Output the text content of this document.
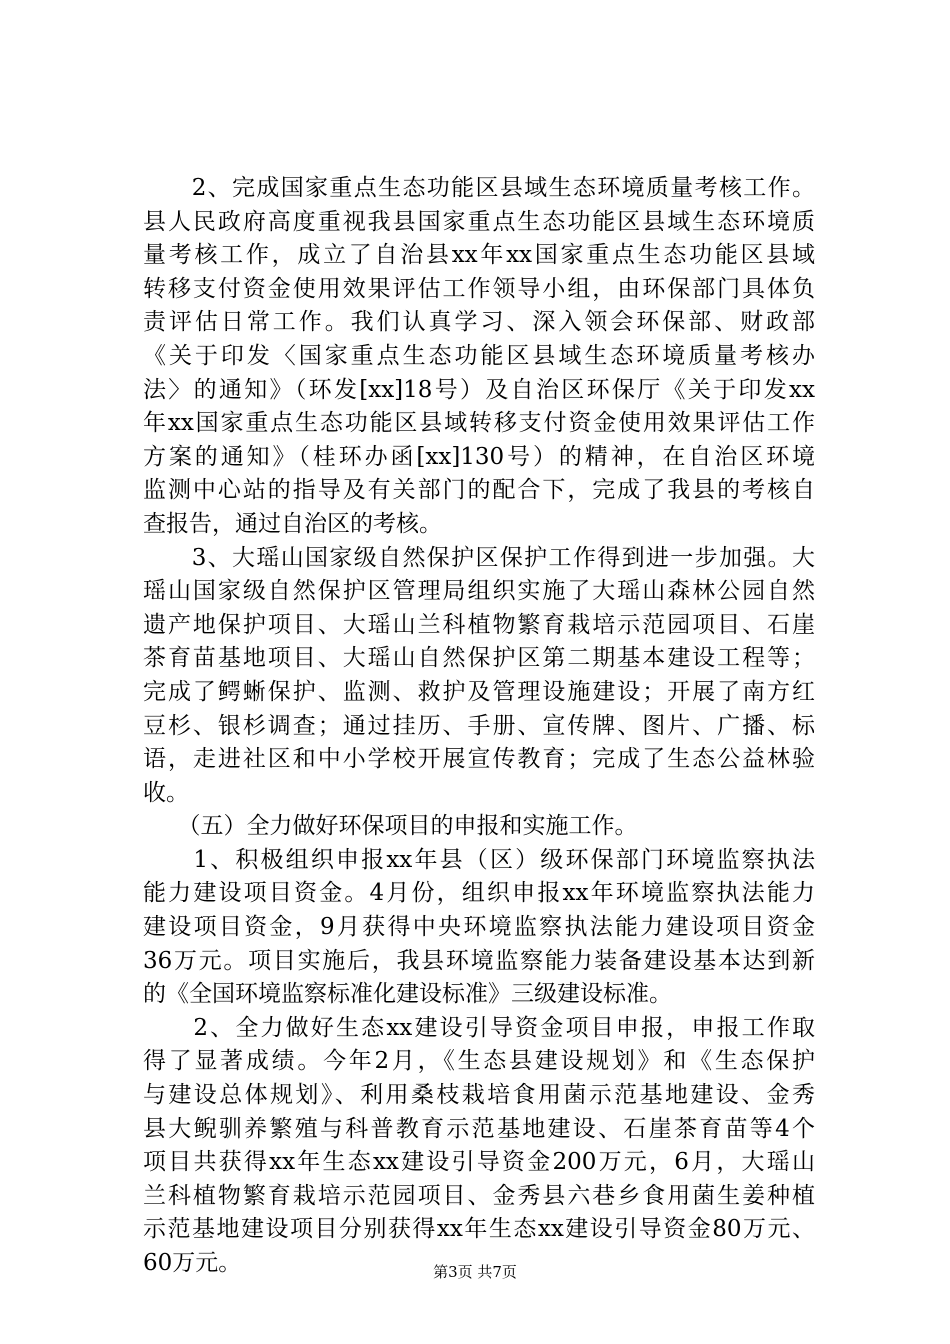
　　2、完成国家重点生态功能区县域生态环境质量考核工作。
县人民政府高度重视我县国家重点生态功能区县域生态环境质
量考核工作，成立了自治县xx年xx国家重点生态功能区县域
转移支付资金使用效果评估工作领导小组，由环保部门具体负
责评估日常工作。我们认真学习、深入领会环保部、财政部
《关于印发〈国家重点生态功能区县域生态环境质量考核办
法〉的通知》（环发[xx]18号）及自治区环保厅《关于印发xx
年xx国家重点生态功能区县域转移支付资金使用效果评估工作
方案的通知》（桂环办函[xx]130号）的精神，在自治区环境
监测中心站的指导及有关部门的配合下，完成了我县的考核自
查报告，通过自治区的考核。
　　3、大瑶山国家级自然保护区保护工作得到进一步加强。大
瑶山国家级自然保护区管理局组织实施了大瑶山森林公园自然
遗产地保护项目、大瑶山兰科植物繁育栽培示范园项目、石崖
茶育苗基地项目、大瑶山自然保护区第二期基本建设工程等；
完成了鳄蜥保护、监测、救护及管理设施建设；开展了南方红
豆杉、银杉调查；通过挂历、手册、宣传牌、图片、广播、标
语，走进社区和中小学校开展宣传教育；完成了生态公益林验
收。
　　（五）全力做好环保项目的申报和实施工作。
　　1、积极组织申报xx年县（区）级环保部门环境监察执法
能力建设项目资金。4月份，组织申报xx年环境监察执法能力
建设项目资金，9月获得中央环境监察执法能力建设项目资金
36万元。项目实施后，我县环境监察能力装备建设基本达到新
的《全国环境监察标准化建设标准》三级建设标准。
　　2、全力做好生态xx建设引导资金项目申报，申报工作取
得了显著成绩。今年2月，《生态县建设规划》和《生态保护
与建设总体规划》、利用桑枝栽培食用菌示范基地建设、金秀
县大鲵驯养繁殖与科普教育示范基地建设、石崖茶育苗等4个
项目共获得xx年生态xx建设引导资金200万元，6月，大瑶山
兰科植物繁育栽培示范园项目、金秀县六巷乡食用菌生姜种植
示范基地建设项目分别获得xx年生态xx建设引导资金80万元、
60万元。	第3页 共7页
